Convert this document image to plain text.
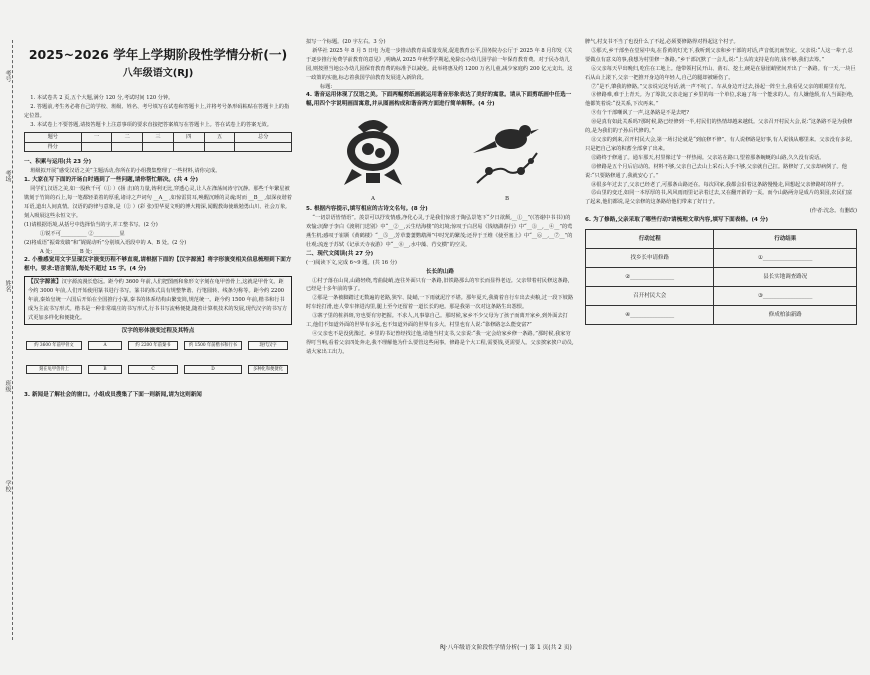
考号
考场
姓名
班级
学校
2025~2026 学年上学期阶段性学情分析(一)
八年级语文(RJ)

1. 本试卷共 2 页,五个大题,满分 120 分,考试时间 120 分钟。

2. 答题前,考生务必将自己的学校、班级、姓名、考号填写在试卷和答题卡上,并将考号条形码粘贴在答题卡上的指定位置。

3. 本试卷上不要答题,请按答题卡上注意事项的要求直接把答案填写在答题卡上。答在试卷上的答案无效。

题号	一	二	三	四	五	总分
得分						
一、积累与运用(共 23 分)

班级拟开展“感受汉语之美”主题活动,你所在的小组搜集整理了一些材料,请你完成。

1. 大家在写下面的开场白时遇到了一些问题,请你帮忙解决。(共 4 分)

同学们,汉语之美,如一股秋千可（① ）(扬 击)的力量,铸利无比,穿透心灵,让人在涤荡间涛守沉静。那些千年繁星被镌刻于竹简的石上,每一笔都轻柔着的厚重,诸诗之声词句 __A__ ,如惊雷贯耳,唤醒沉睡的灵魂;时而 __B__ ,似深夜谐着耳语,道出人间真情。汉语的韵律与意象,是（② ）(彩 张)里华夏文明的博大精深,闻醒教诲使载勉勇山川、社会万象,刻入吸展这些永恒文字。

(1)请根据语境,从括号中选择恰当的字,并工整书写。(2 分)
①锐不可__________ ②__________显
(2)将成语“振聋发聩”和“娓娓动听”分别填入语段中的 A、B 处。(2 分)
A 处:__________ B 处:__________
2. 小雅感觉用文字呈现汉字演变历程不够直观,请根据下面的【汉字源流】将字形演变相关信息梳理到下面方框中。要求:语言简洁,每处不超过 15 字。(4 分)
【汉字源流】汉字源流漫长悠远。距今约 3600 年前,人们把图画和象形文字刻在龟甲兽骨上,这就是甲骨文。距今约 3000 年前,人们开始使用篆书进行书写。篆书的体式具有规整挚谐、行笔圆转、线条匀称等。距今约 2200 年前,秦始皇统一六国后开始在全国推行小篆,秦书的体系结构由繁变简,规范统一。距今约 1500 年前,楷书和行书成为主流书写形式。楷书是一种非常端庄的书写形式,行书书写流畅便捷,随着计算机技术的发展,现代汉字的书写方式更加多样化和便捷化。
汉字的形体演变过程及其特点
约 3600 年前甲骨文	A	约 2200 年前秦书	约 1500 年前楷书和行书	现代汉字
刻在龟甲兽骨上	B	C	D	多种化和便捷化
3. 新闻是了解社会的窗口。小组成员搜集了下面一则新闻,请为这则新闻
拟写一个标题。(20 字左右。3 分)

新华社 2025 年 8 月 5 日电 为进一步推动教育高质量发展,促进教育公平,国务院办公厅于 2025 年 8 月印发《关于逐步推行免费学前教育的意见》,明确从 2025 年秋季学期起,免除公办幼儿园学前一年保育教育费。对于民办幼儿园,则按照当地公办幼儿园保育教育费的标准予以减免。此举将惠及约 1200 万名儿童,减少家庭约 200 亿元支出。这一政策的实施,标志着我国学前教育发展进入新阶段。

标题:________________________________
4. 谐音运用体现了汉语之美。下面两幅剪纸画就运用谐音形象表达了美好的寓意。请从下面剪纸画中任选一幅,用四个字说明画面寓意,并从图画构成和谐音两方面进行简单解释。(4 分)
A	B
5. 根据内容提示,填写相应的古诗文名句。(8 分)

“一切景语皆情语”。羡景可以抒发情感,净化心灵,于是我们惊喜于陶弘景笔下“夕日欲颓,__①__”(《答谢中书书》)的欢愉;沉醉于李白《渡荆门送别》中“__②__,云生结海楼”的幻境;惊叹于白居易《钱塘湖春行》中“__③__,__④__”的莺燕生机;感叹于崔颢《黄鹤楼》“__⑤__,芳草萋萋鹦鹉洲”中时光的繁茂;还异于王维《使至塞上》中“__⑥__,__⑦__”的壮观;流连于苏轼《记承天寺夜游》中“__⑧__,水中藻、荇交横”的空灵。

二、现代文阅读(共 27 分)
(一)阅读下文,完成 6~9 题。(共 16 分)
长长的山路

①村子落在山岗,山路轻绕,弯曲陡峭,连往外面只有一条路,旧铁路那么的窄长而显得老迈。父亲带着村民修这条路,已经是十多年前的事了。

②那是一条被脚踏过无数遍的老路,狭窄、陡峭,一下雨就泥泞不堪。那年夏天,我骑着自行车出去卖粮,过一段下坡路时车轮打滑,连人带车摔进沟里,腿上至今还留着一道长长的疤。那是我第一次对这条路生出怨恨。

③寨子里的桩斜斑,穷也要有穷把握。不求人,凡事靠自己。那时候,家乡不少父母为了孩子而离开家乡,到外面去打工,他们不知道外面的世界有多远,也不知道外面的世界有多大。村里也有人说:“靠修路怎么能变富?”

④父亲也不是没犹豫过。乡里的书记曾经找过他,请他当村支书,父亲说:“我一定会给家乡修一条路。”那时候,我家穷得叮当响,看着父亲四处奔走,我不理解他为什么要管这些闲事。修路是个大工程,需要钱,更需要人。父亲挨家挨户动员,请大家出工出力。

脾气,村支书不当了也没什么了不起,必须要修路得对得起这个村子。

⑤那天,乡干部坐在堂屋中央,在昏黄的灯光下,我听到父亲和乡干部的对话,声音低沉而坚定。父亲说:“人这一辈子,总要做点有意义的事,我想为村里修一条路。”乡干部沉默了一会儿,说:“上头的支持是有的,钱不够,我们去筹。”

⑥父亲每天早出晚归,吃住在工地上。他带领村民开山、凿石、挖土,硬是在悬崖峭壁间开出了一条路。有一天,一块巨石从山上滚下,父亲一把推开身边的年轻人,自己的腿却被砸伤了。

⑦“是不,肇我的修路。”父亲说完这句话,就一声不吭了。车从身边开过去,扬起一阵尘土,我看见父亲的眼睛里有光。

⑧修路难,难于上青天。为了筹款,父亲走遍了乡里的每一个单位,求遍了每一个能求的人。有人嫌他烦,有人当面拒绝,他都笑着说:“没关系,下次再来。”

⑨有个干部嘲讽了一声,这条路是不是去吧?

⑩是真有如此关系吗?那时候,路已经修到一半,村民们的热情却越来越低。父亲召开村民大会,说:“这条路不是为我修的,是为我们的子孙后代修的。”

⑪父亲的到来,召开村民大会,第一场讨论就是“到底修不修”。有人说修路是好事,有人说钱从哪里来。父亲没有多说,只是把自己家的积蓄全部拿了出来。

⑫路终于修通了。通车那天,村里像过节一样热闹。父亲站在路口,望着那条蜿蜒的山路,久久没有说话。

⑬修路是五个月后启动的。材料不够,父亲自己去山上采石;人手不够,父亲就自己扛。路修好了,父亲却病倒了。他说:“只要路修通了,我就安心了。”

⑭很多年过去了,父亲已经老了,可那条山路还在。每次回家,我都会沿着这条路慢慢走,回想起父亲修路时的样子。

⑮山里的变迁,如同一本厚厚的书,风风雨雨里记录着过去,又在翻开新的一页。而今山路两旁是成片的果园,农民们富了起来,他们都说,是父亲修的这条路给他们带来了好日子。

(作者:沈念。有删改)
6. 为了修路,父亲采取了哪些行动?请梳理文章内容,填写下面表格。(4 分)
行动过程	行动结果
找乡长申请修路	①__________________
②________________	县长实地调查路况
召开村民大会	③__________________
④________________	修成柏油新路
RJ·八年级语文阶段性学情分析(一) 第 1 页(共 2 页)
